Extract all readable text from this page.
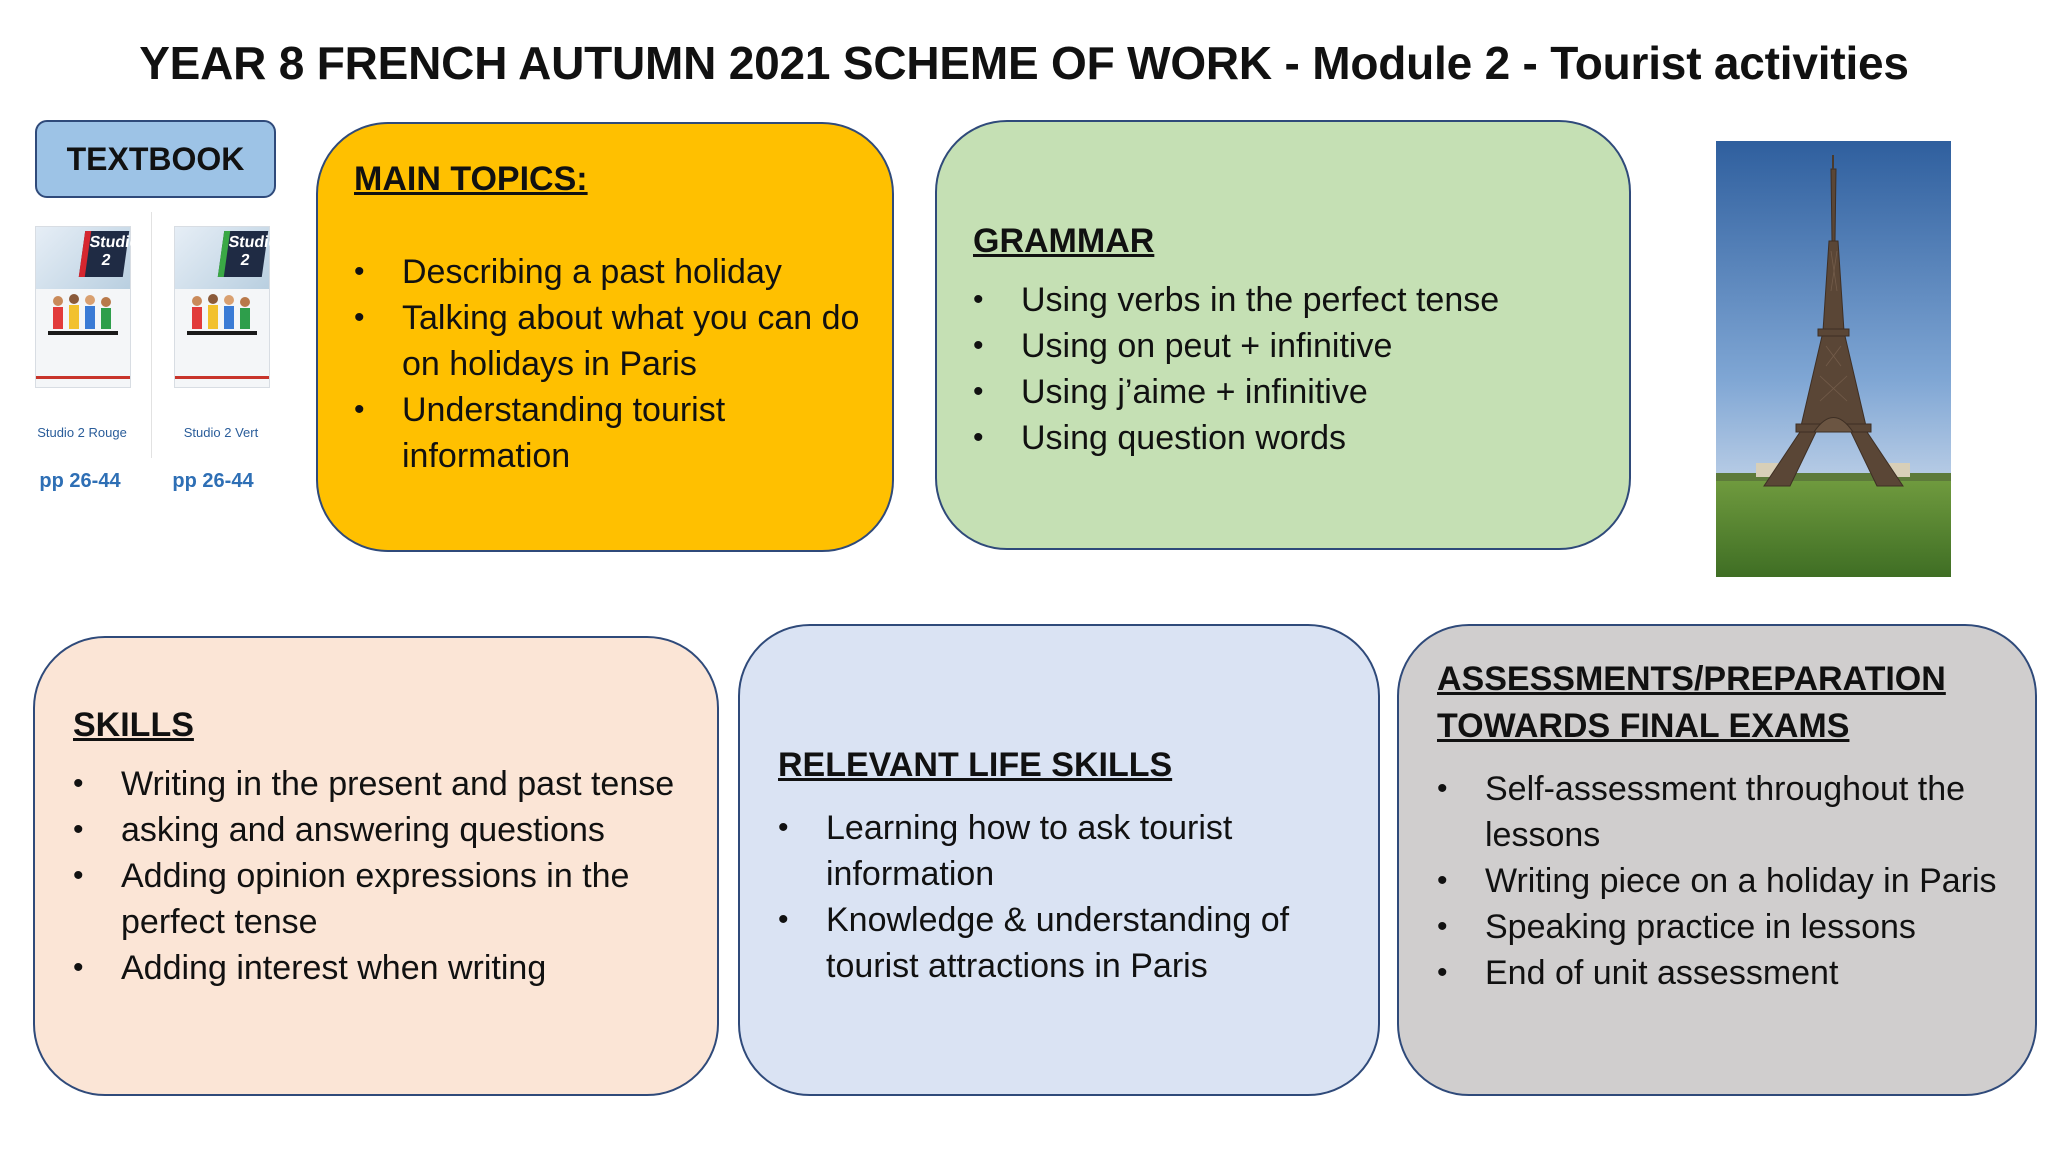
YEAR 8 FRENCH AUTUMN 2021 SCHEME OF WORK - Module 2 - Tourist activities
TEXTBOOK
Studio 2
Studio 2
Studio 2 Rouge	Studio 2 Vert
pp 26-44	pp 26-44
MAIN TOPICS:
• Describing a past holiday
• Talking about what you can do on holidays in Paris
• Understanding tourist information
GRAMMAR
• Using verbs in the perfect tense
• Using on peut + infinitive
• Using j’aime + infinitive
• Using question words
SKILLS
• Writing in the present and past tense
• asking and answering questions
• Adding opinion expressions in the perfect tense
• Adding interest when writing
RELEVANT LIFE SKILLS
• Learning how to ask tourist information
• Knowledge & understanding of tourist attractions in Paris
ASSESSMENTS/PREPARATION TOWARDS FINAL EXAMS
• Self-assessment throughout the lessons
• Writing piece on a holiday in Paris
• Speaking practice in lessons
• End of unit assessment
